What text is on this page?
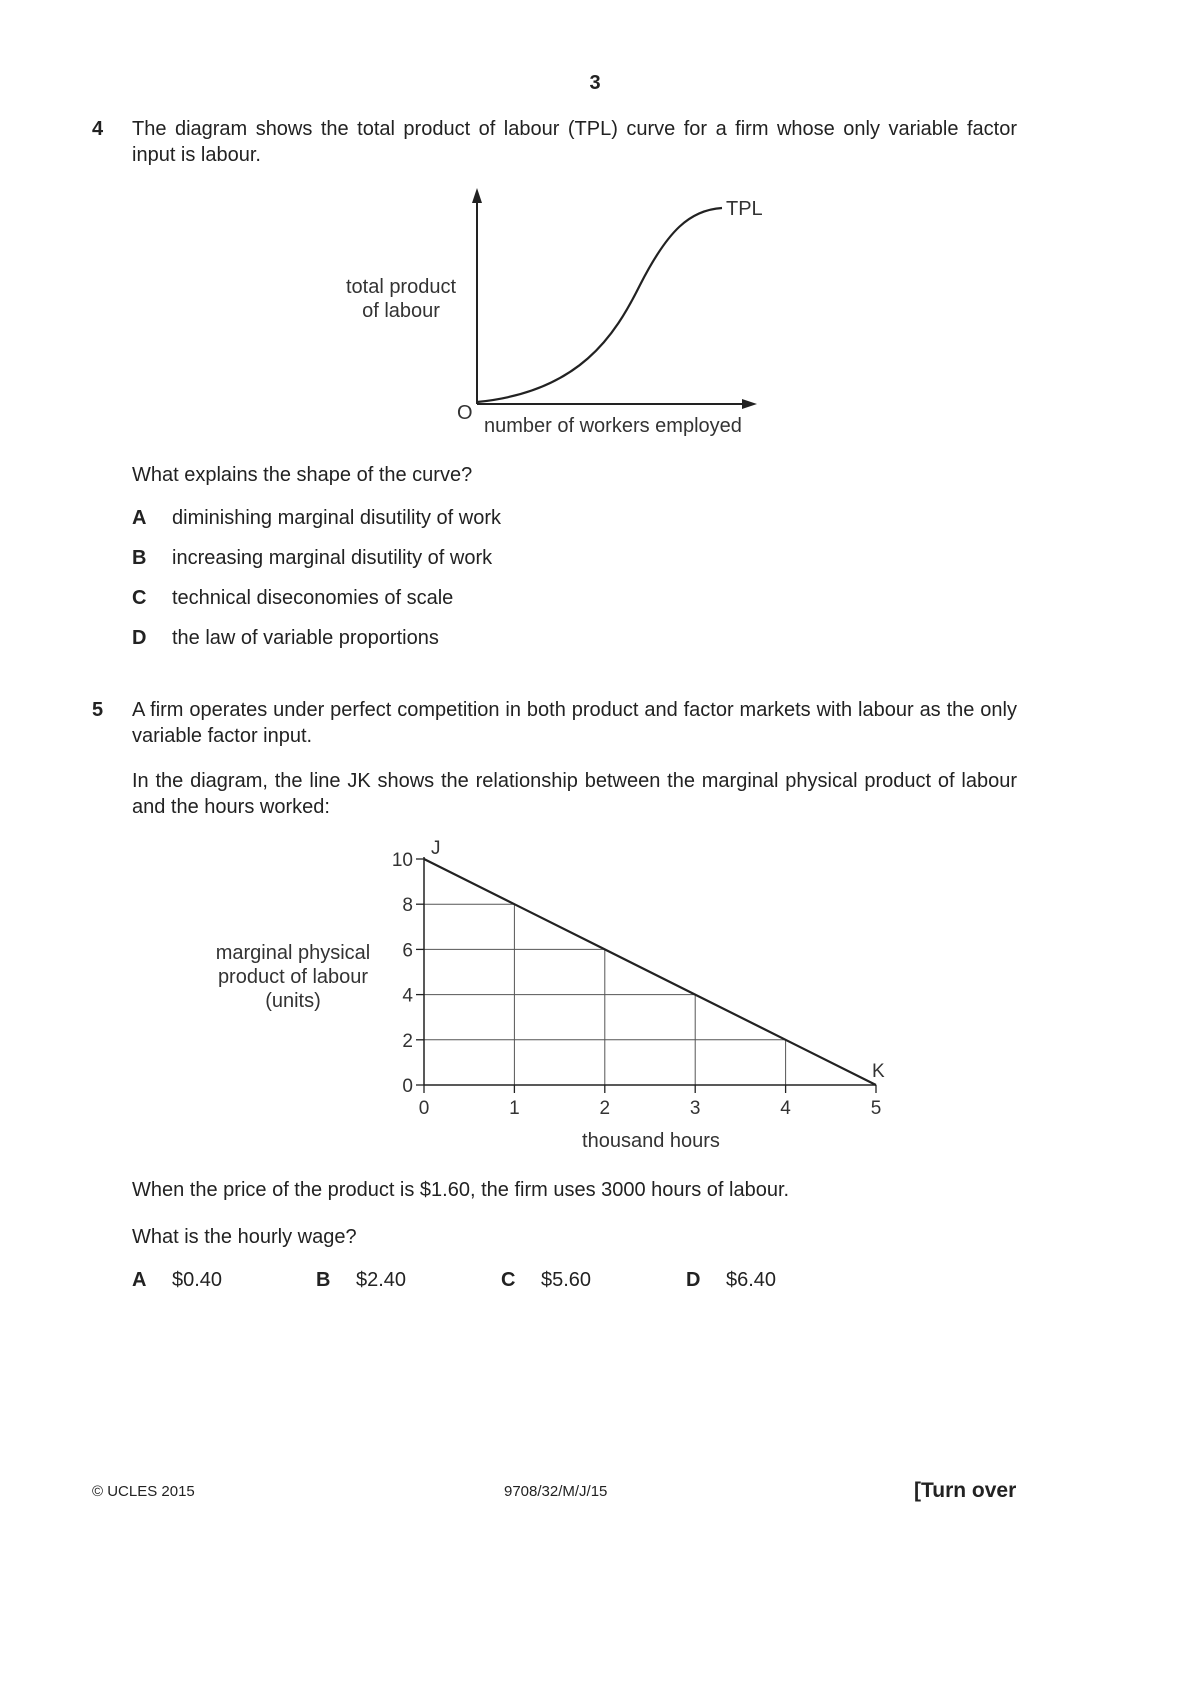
3
4 The diagram shows the total product of labour (TPL) curve for a firm whose only variable factor input is labour.
TPL
total product
of labour
O
number of workers employed
What explains the shape of the curve?
A diminishing marginal disutility of work
B increasing marginal disutility of work
C technical diseconomies of scale
D the law of variable proportions
5 A firm operates under perfect competition in both product and factor markets with labour as the only variable factor input.
In the diagram, the line JK shows the relationship between the marginal physical product of labour and the hours worked:
0
2
4
6
8
10
0	1	2	3	4	5
J
K
marginal physical
product of labour
(units)
thousand hours
When the price of the product is $1.60, the firm uses 3000 hours of labour.
What is the hourly wage?
A $0.40	B $2.40	C $5.60	D $6.40
© UCLES 2015	9708/32/M/J/15	[Turn over
